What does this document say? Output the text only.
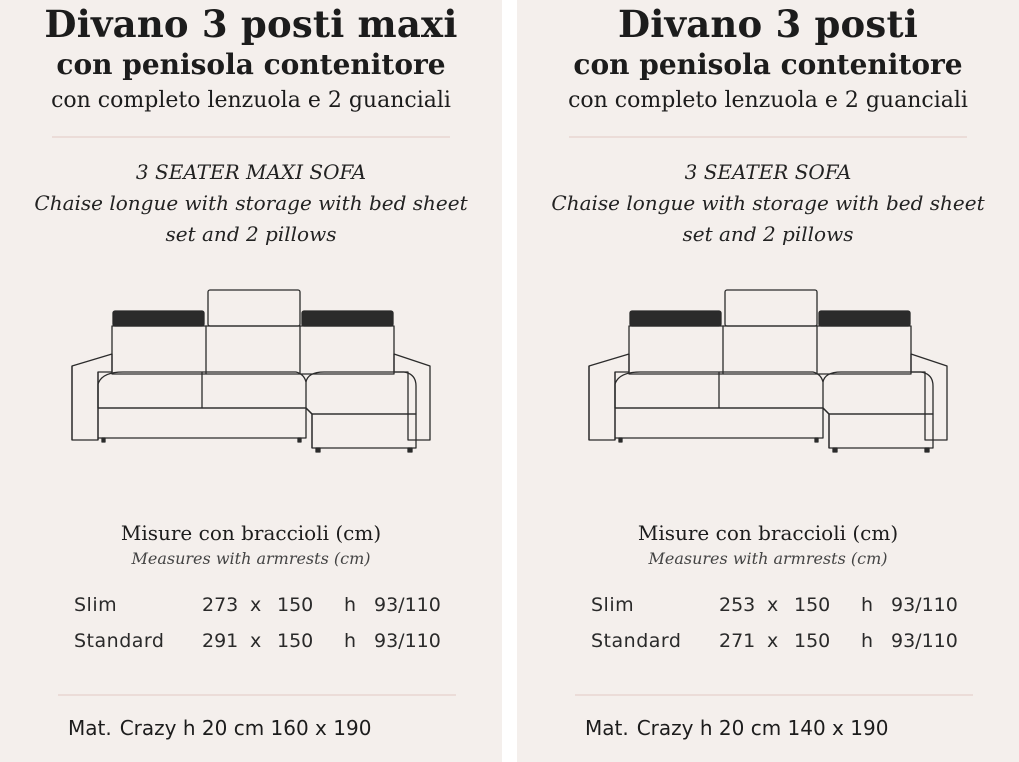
Divano 3 posti maxi
con penisola contenitore
con completo lenzuola e 2 guanciali
3 SEATER MAXI SOFA
Chaise longue with storage with bed sheet
set and 2 pillows
Misure con braccioli (cm)
Measures with armrests (cm)
Slim	273 x 150 h 93/110
Standard 291 x 150 h 93/110
Mat. Crazy h 20 cm 160 x 190
Divano 3 posti
con penisola contenitore
con completo lenzuola e 2 guanciali
3 SEATER SOFA
Chaise longue with storage with bed sheet
set and 2 pillows
Misure con braccioli (cm)
Measures with armrests (cm)
Slim	253 x 150 h 93/110
Standard 271 x 150 h 93/110
Mat. Crazy h 20 cm 140 x 190
